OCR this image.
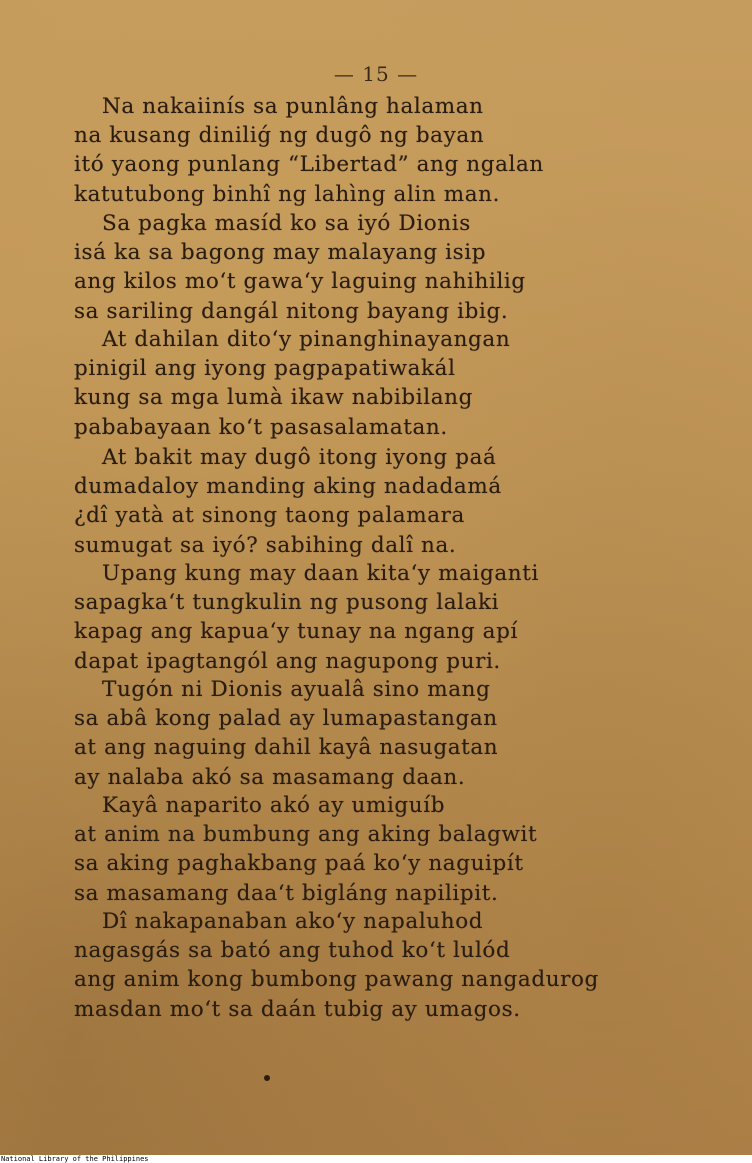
— 15 —
Na nakaiinís sa punlâng halaman
na kusang diniliǵ ng dugô ng bayan
itó yaong punlang “Libertad” ang ngalan
katutubong binhî ng lahìng alin man.
Sa pagka masíd ko sa iyó Dionis
isá ka sa bagong may malayang isip
ang kilos mo‘t gawa‘y laguing nahihilig
sa sariling dangál nitong bayang ibig.
At dahilan dito‘y pinanghinayangan
pinigil ang iyong pagpapatiwakál
kung sa mga lumà ikaw nabibilang
pababayaan ko‘t pasasalamatan.
At bakit may dugô itong iyong paá
dumadaloy manding aking nadadamá
¿dî yatà at sinong taong palamara
sumugat sa iyó? sabihing dalî na.
Upang kung may daan kita‘y maiganti
sapagka‘t tungkulin ng pusong lalaki
kapag ang kapua‘y tunay na ngang apí
dapat ipagtangól ang nagupong puri.
Tugón ni Dionis ayualâ sino mang
sa abâ kong palad ay lumapastangan
at ang naguing dahil kayâ nasugatan
ay nalaba akó sa masamang daan.
Kayâ naparito akó ay umiguíb
at anim na bumbung ang aking balagwit
sa aking paghakbang paá ko‘y naguipít
sa masamang daa‘t bigláng napilipit.
Dî nakapanaban ako‘y napaluhod
nagasgás sa bató ang tuhod ko‘t lulód
ang anim kong bumbong pawang nangadurog
masdan mo‘t sa daán tubig ay umagos.
National Library of the Philippines
